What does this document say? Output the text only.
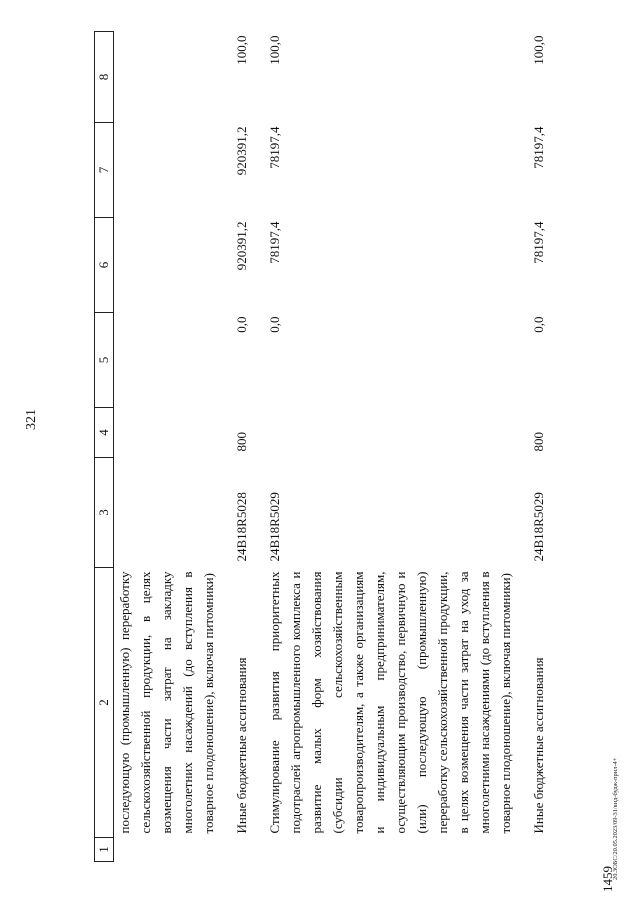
321
1	2	3	4	5	6	7	8
	последующую (промышленную) переработку сельскохозяйственной продукции, в целях возмещения части затрат на закладку многолетних насаждений (до вступления в товарное плодоношение), включая питомники)						

	Иные бюджетные ассигнования	24В18R5028	800	0,0	920391,2	920391,2	100,0

	Стимулирование развития приоритетных подотраслей агропромышленного комплекса и развитие малых форм хозяйствования (субсидии сельскохозяйственным товаропроизводителям, а также организациям и индивидуальным предпринимателям, осуществляющим производство, первичную и (или) последующую (промышленную) переработку сельскохозяйственной продукции, в целях возмещения части затрат на уход за многолетними насаждениями (до вступления в товарное плодоношение), включая питомники)	24В18R5029		0,0	78197,4	78197,4	100,0

	Иные бюджетные ассигнования	24В18R5029	800	0,0	78197,4	78197,4	100,0
1459
20.3ОБС/20.05.2023/09-31/вид-будж-прил-4+
